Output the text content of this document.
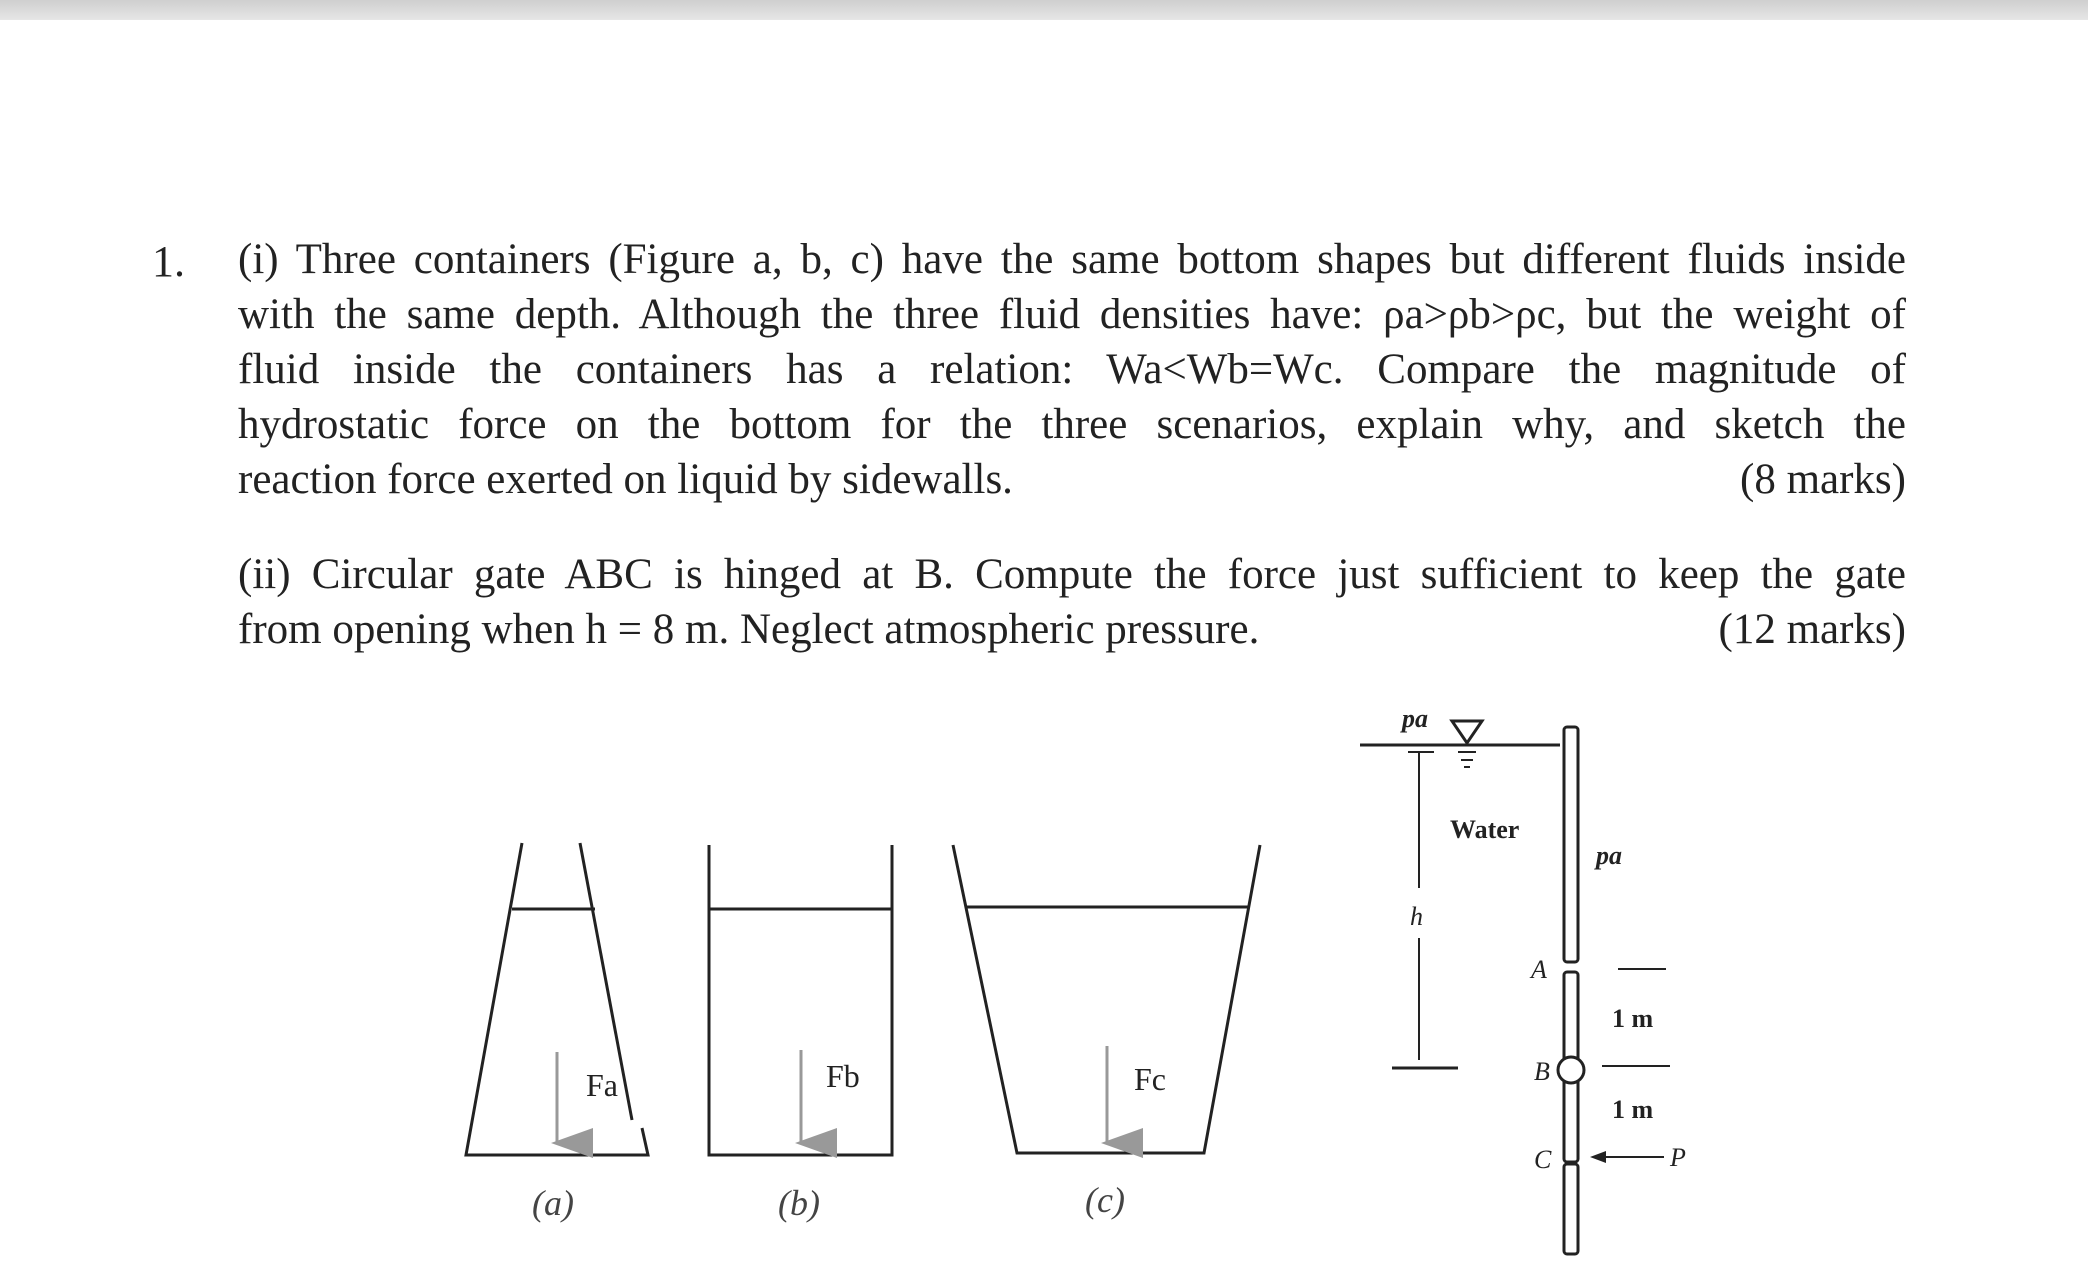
1. (i) Three containers (Figure a, b, c) have the same bottom shapes but different fluids inside
with the same depth. Although the three fluid densities have: ρa>ρb>ρc, but the weight of
fluid inside the containers has a relation: Wa<Wb=Wc. Compare the magnitude of
hydrostatic force on the bottom for the three scenarios, explain why, and sketch the
reaction force exerted on liquid by sidewalls.	(8 marks)
(ii) Circular gate ABC is hinged at B. Compute the force just sufficient to keep the gate
from opening when h = 8 m. Neglect atmospheric pressure.	(12 marks)
Fa
(a)
Fb
(b)
Fc
(c)
pa
Water
pa
h
A
1 m
B
1 m
C	P
